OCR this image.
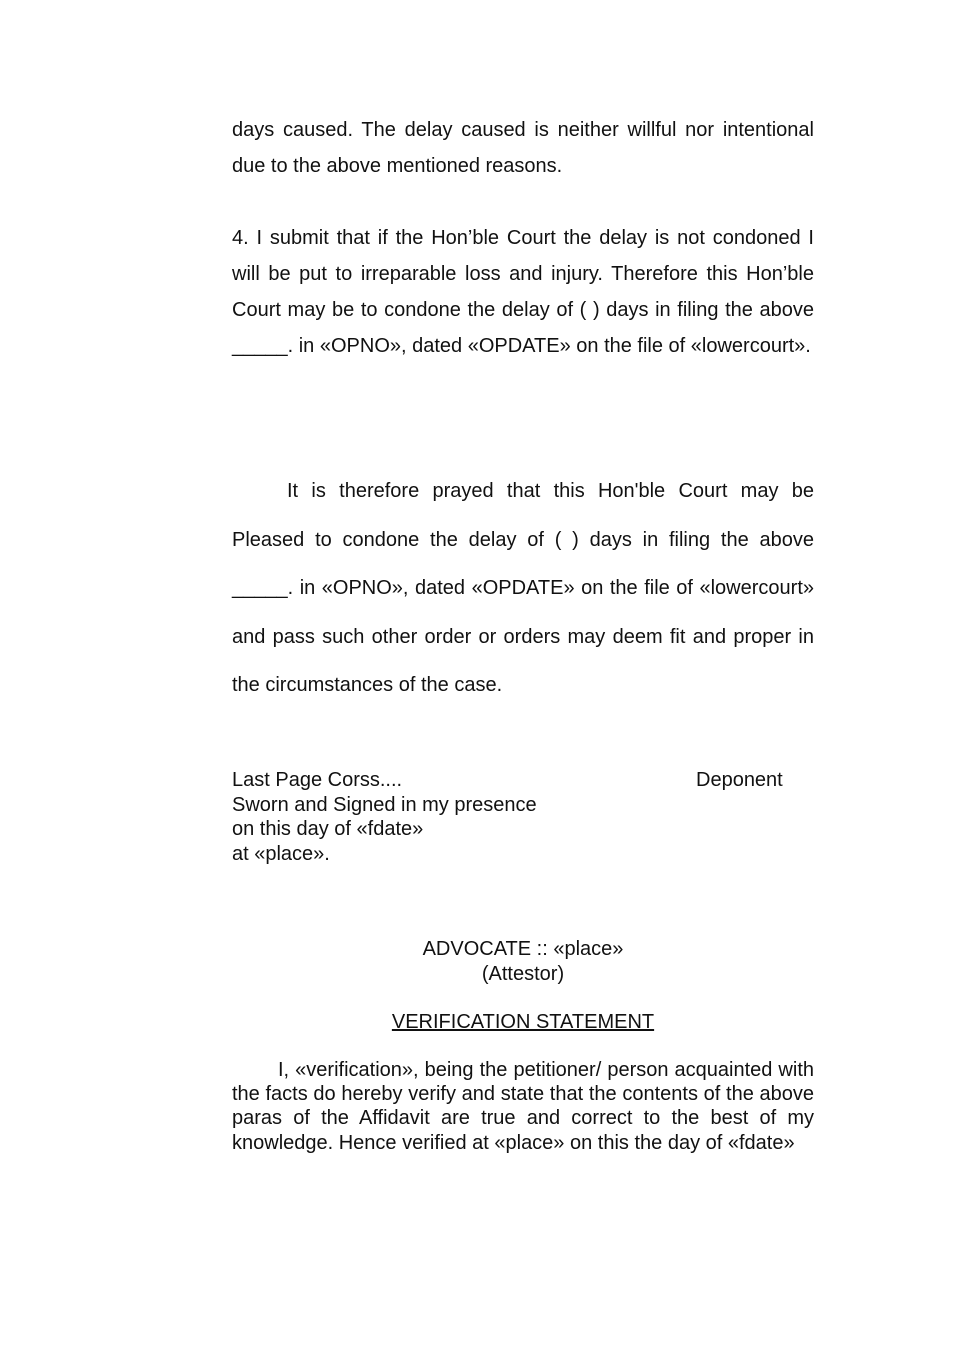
days caused. The delay caused is neither willful nor intentional due to the above mentioned reasons.

4. I submit that if the Hon’ble Court the delay is not condoned I will be put to irreparable loss and injury. Therefore this Hon’ble Court may be to condone the delay of ( ) days in filing the above _____. in «OPNO», dated «OPDATE» on the file of «lowercourt».

It is therefore prayed that this Hon'ble Court may be Pleased to condone the delay of ( ) days in filing the above _____. in «OPNO», dated «OPDATE» on the file of «lowercourt» and pass such other order or orders may deem fit and proper in the circumstances of the case.

Last Page Corss....
Sworn and Signed in my presence
on this day of «fdate»
at «place».
Deponent
ADVOCATE :: «place»
(Attestor)
VERIFICATION STATEMENT
I, «verification», being the petitioner/ person acquainted with the facts do hereby verify and state that the contents of the above paras of the Affidavit are true and correct to the best of my knowledge. Hence verified at «place» on this the day of «fdate»
